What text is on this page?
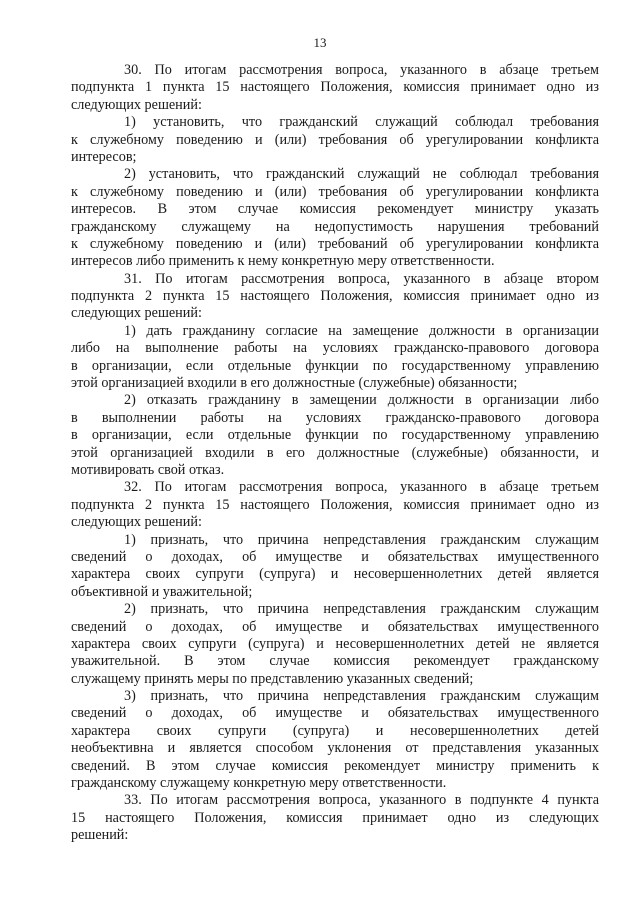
13
30. По итогам рассмотрения вопроса, указанного в абзаце третьем
подпункта 1 пункта 15 настоящего Положения, комиссия принимает одно из
следующих решений:
1) установить, что гражданский служащий соблюдал требования
к служебному поведению и (или) требования об урегулировании конфликта
интересов;
2) установить, что гражданский служащий не соблюдал требования
к служебному поведению и (или) требования об урегулировании конфликта
интересов. В этом случае комиссия рекомендует министру указать
гражданскому служащему на недопустимость нарушения требований
к служебному поведению и (или) требований об урегулировании конфликта
интересов либо применить к нему конкретную меру ответственности.
31. По итогам рассмотрения вопроса, указанного в абзаце втором
подпункта 2 пункта 15 настоящего Положения, комиссия принимает одно из
следующих решений:
1) дать гражданину согласие на замещение должности в организации
либо на выполнение работы на условиях гражданско-правового договора
в организации, если отдельные функции по государственному управлению
этой организацией входили в его должностные (служебные) обязанности;
2) отказать гражданину в замещении должности в организации либо
в выполнении работы на условиях гражданско-правового договора
в организации, если отдельные функции по государственному управлению
этой организацией входили в его должностные (служебные) обязанности, и
мотивировать свой отказ.
32. По итогам рассмотрения вопроса, указанного в абзаце третьем
подпункта 2 пункта 15 настоящего Положения, комиссия принимает одно из
следующих решений:
1) признать, что причина непредставления гражданским служащим
сведений о доходах, об имуществе и обязательствах имущественного
характера своих супруги (супруга) и несовершеннолетних детей является
объективной и уважительной;
2) признать, что причина непредставления гражданским служащим
сведений о доходах, об имуществе и обязательствах имущественного
характера своих супруги (супруга) и несовершеннолетних детей не является
уважительной. В этом случае комиссия рекомендует гражданскому
служащему принять меры по представлению указанных сведений;
3) признать, что причина непредставления гражданским служащим
сведений о доходах, об имуществе и обязательствах имущественного
характера своих супруги (супруга) и несовершеннолетних детей
необъективна и является способом уклонения от представления указанных
сведений. В этом случае комиссия рекомендует министру применить к
гражданскому служащему конкретную меру ответственности.
33. По итогам рассмотрения вопроса, указанного в подпункте 4 пункта
15 настоящего Положения, комиссия принимает одно из следующих
решений:
